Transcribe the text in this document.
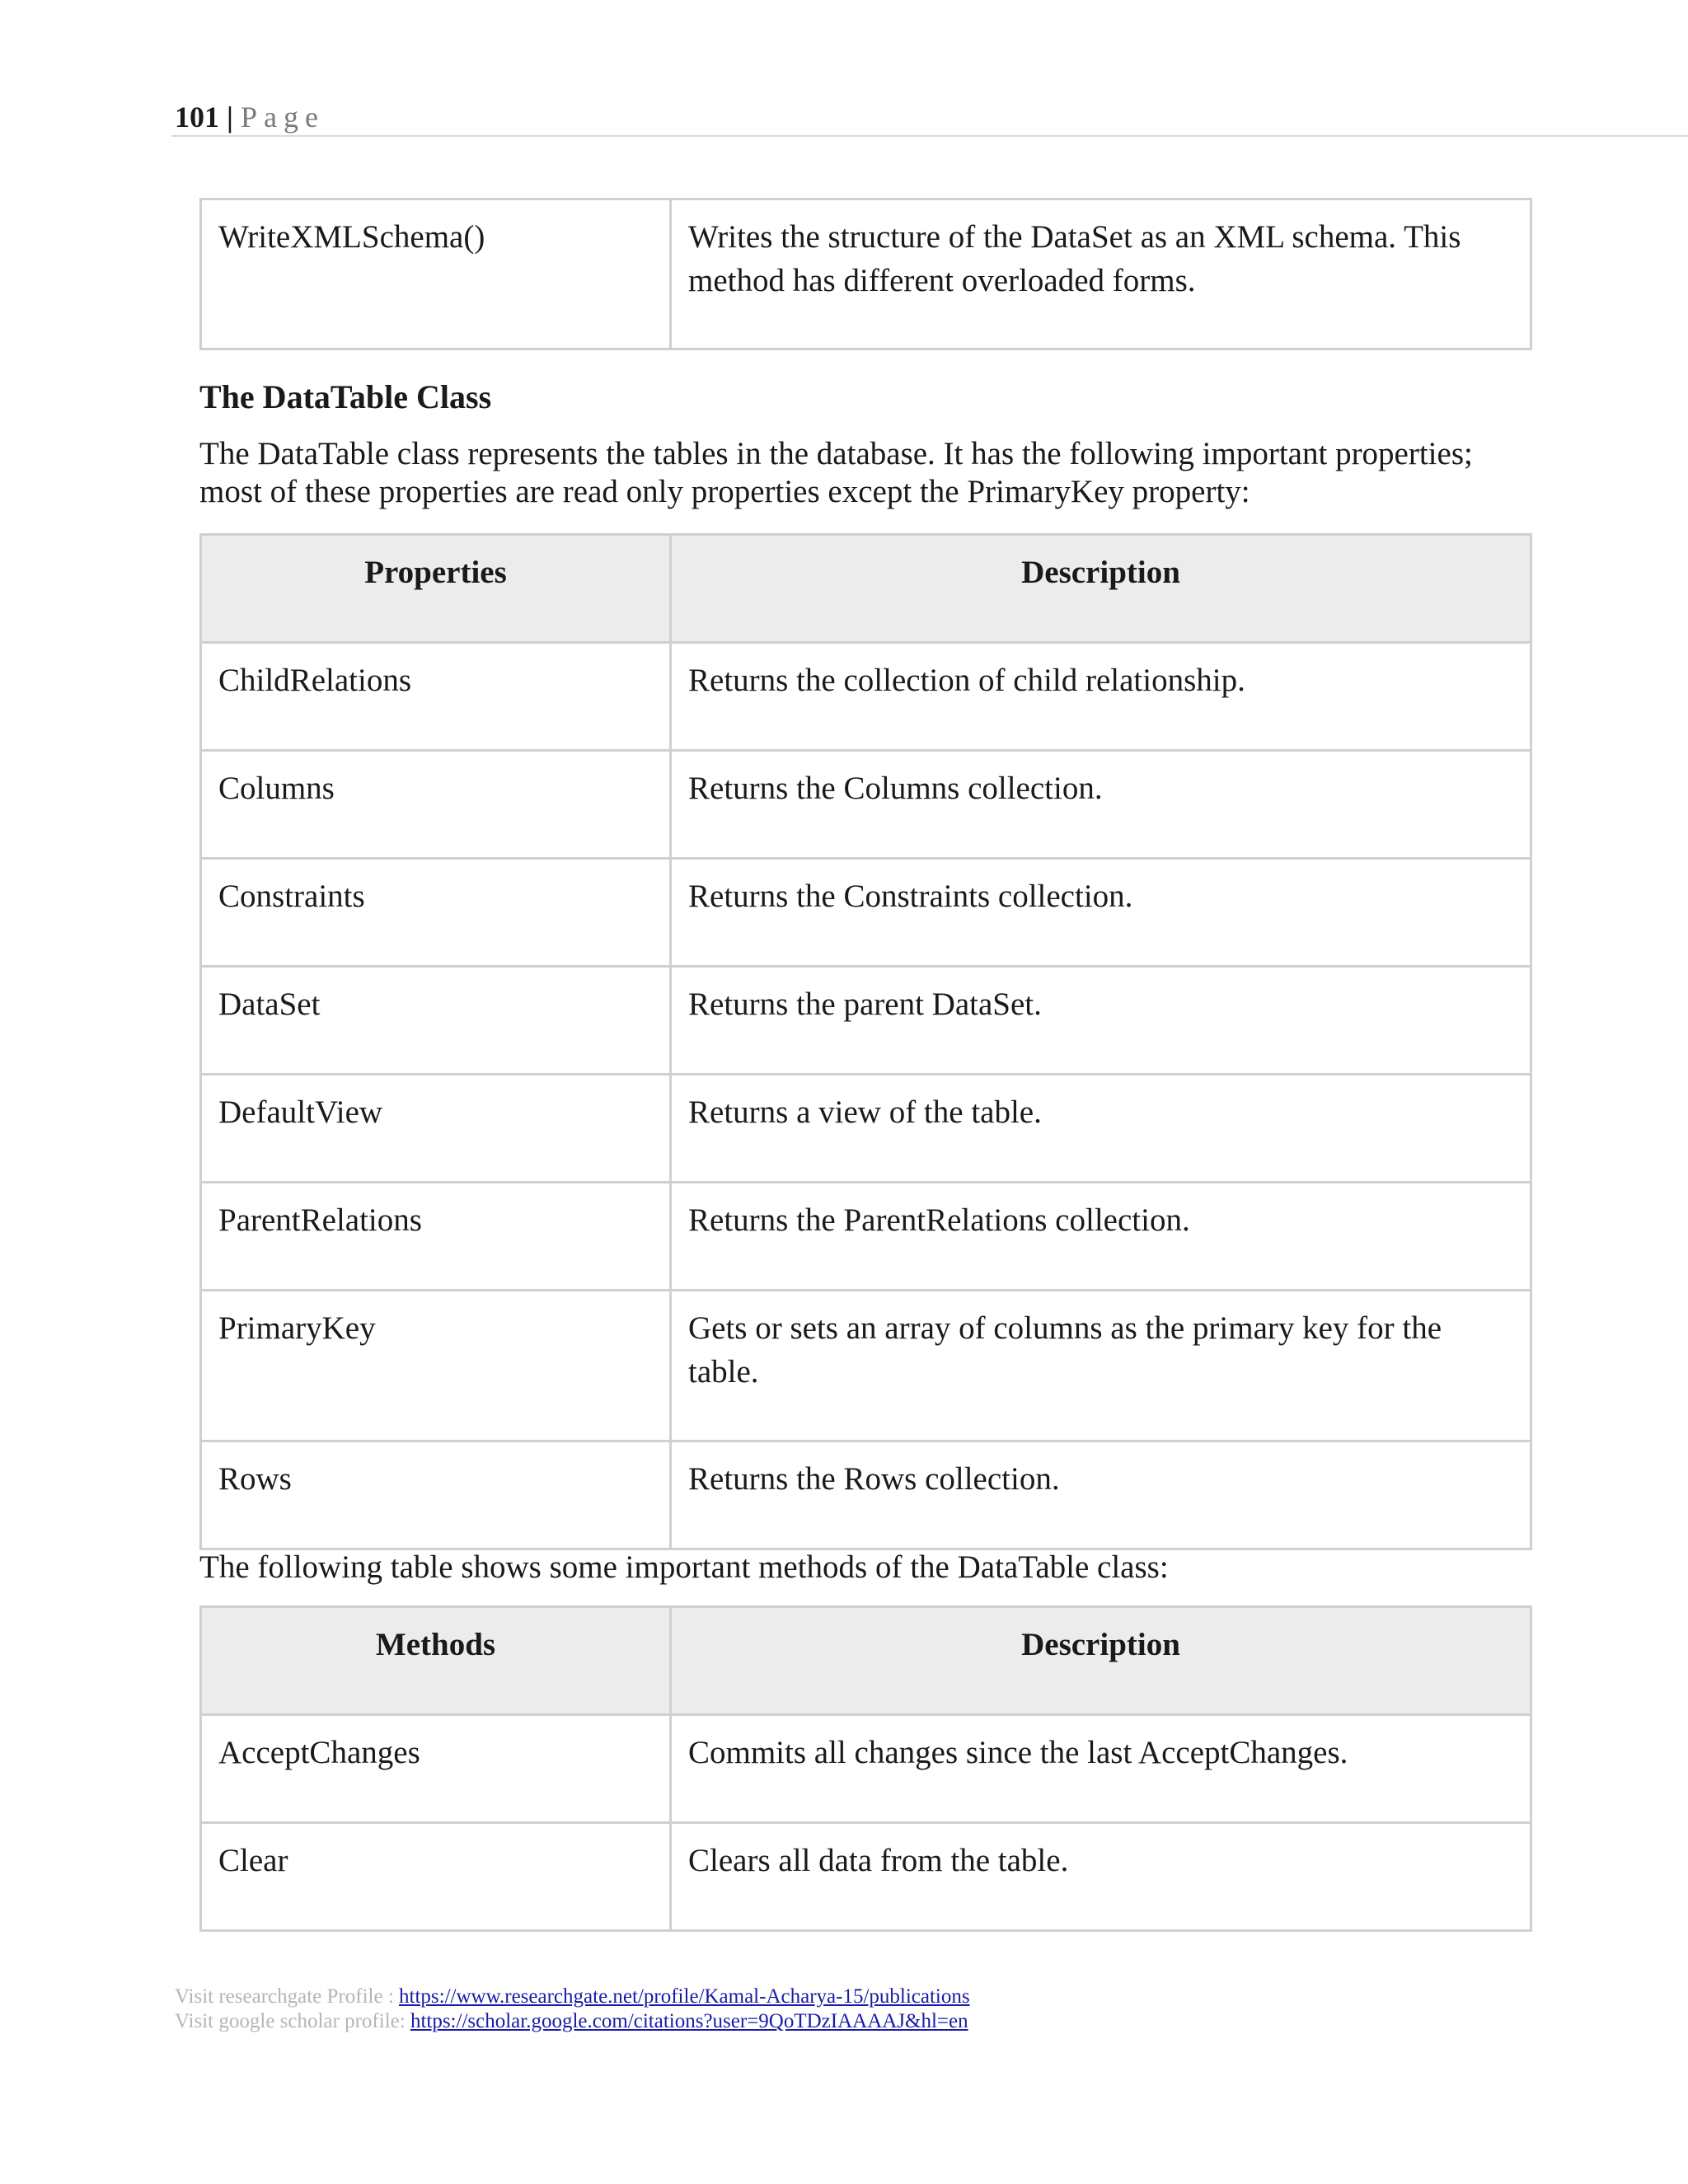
101 | Page
WriteXMLSchema()	Writes the structure of the DataSet as an XML schema. This method has different overloaded forms.
The DataTable Class
The DataTable class represents the tables in the database. It has the following important properties; most of these properties are read only properties except the PrimaryKey property:
Properties	Description
ChildRelations	Returns the collection of child relationship.
Columns	Returns the Columns collection.
Constraints	Returns the Constraints collection.
DataSet	Returns the parent DataSet.
DefaultView	Returns a view of the table.
ParentRelations	Returns the ParentRelations collection.
PrimaryKey	Gets or sets an array of columns as the primary key for the table.
Rows	Returns the Rows collection.
The following table shows some important methods of the DataTable class:
Methods	Description
AcceptChanges	Commits all changes since the last AcceptChanges.
Clear	Clears all data from the table.
Visit researchgate Profile : https://www.researchgate.net/profile/Kamal-Acharya-15/publications
Visit google scholar profile: https://scholar.google.com/citations?user=9QoTDzIAAAAJ&hl=en
